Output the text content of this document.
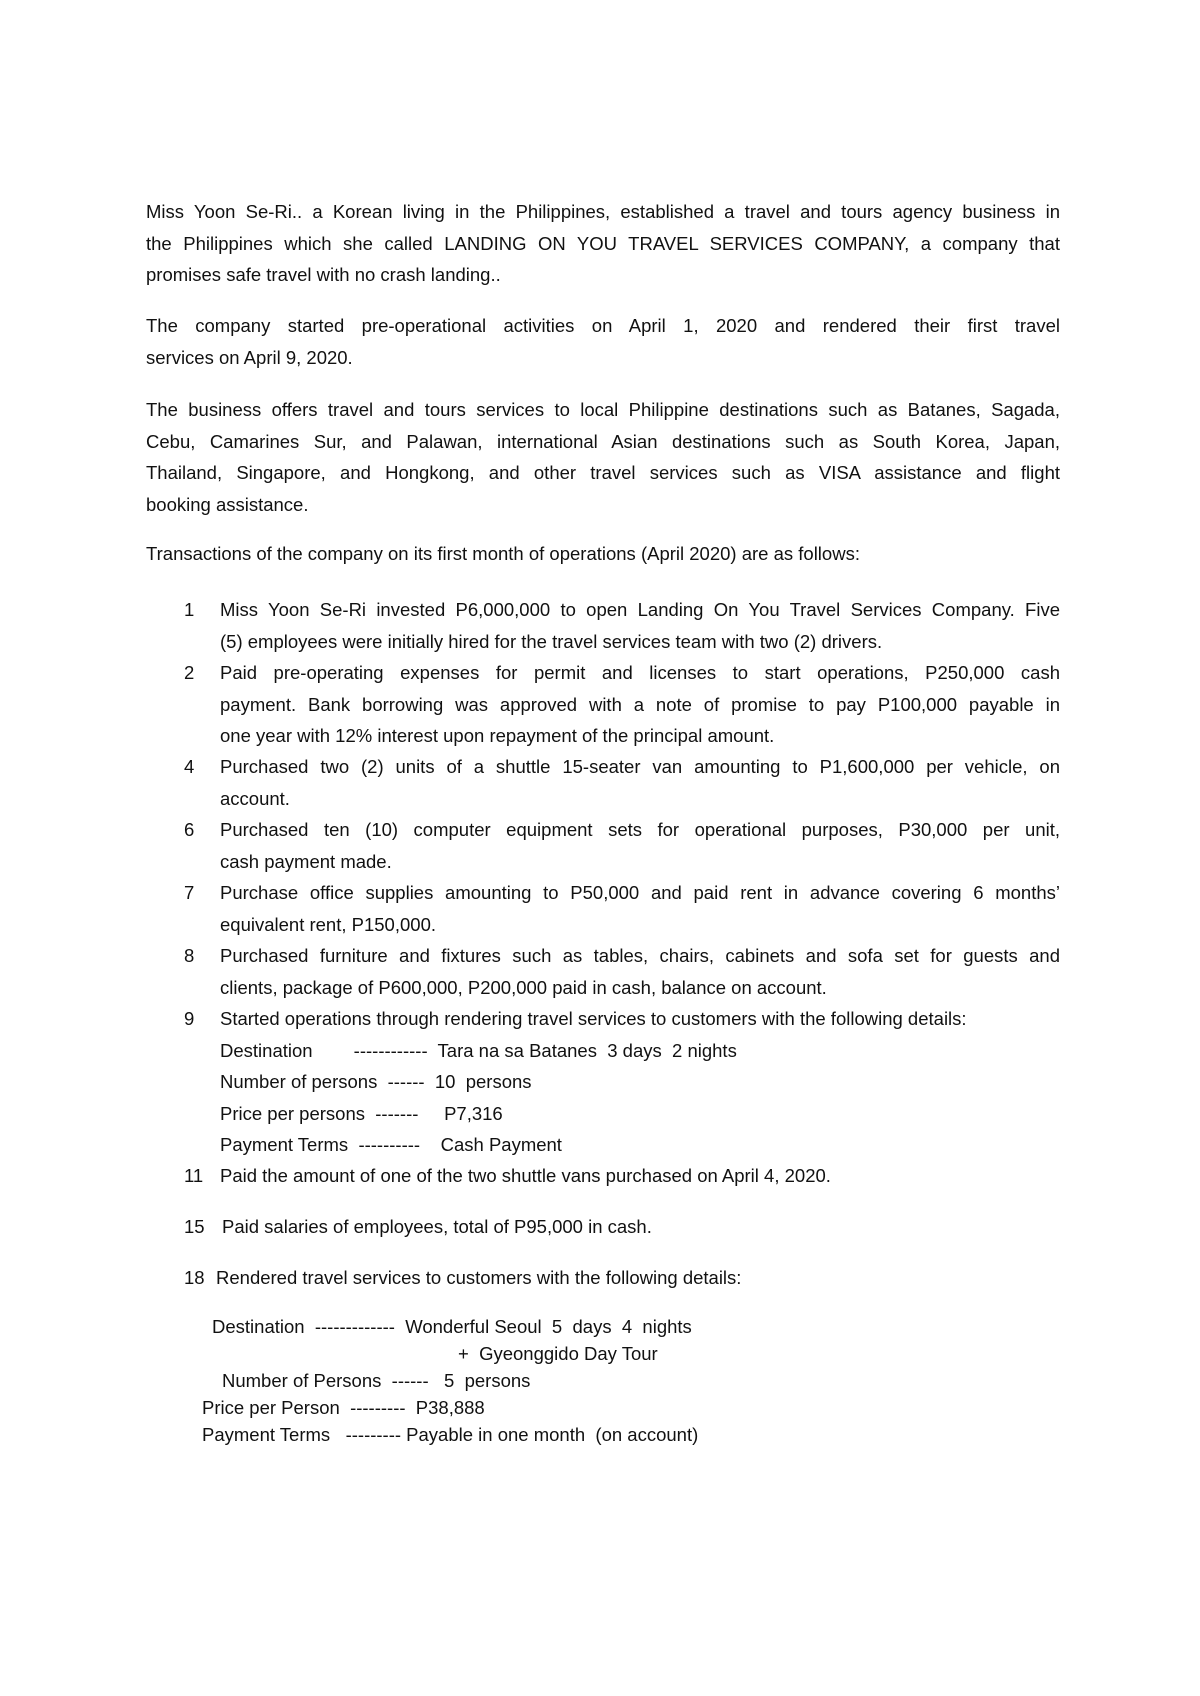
Miss Yoon Se-Ri.. a Korean living in the Philippines, established a travel and tours agency business in
the Philippines which she called LANDING ON YOU TRAVEL SERVICES COMPANY, a company that
promises safe travel with no crash landing..
The company started pre-operational activities on April 1, 2020 and rendered their first travel
services on April 9, 2020.
The business offers travel and tours services to local Philippine destinations such as Batanes, Sagada,
Cebu, Camarines Sur, and Palawan, international Asian destinations such as South Korea, Japan,
Thailand, Singapore, and Hongkong, and other travel services such as VISA assistance and flight
booking assistance.
Transactions of the company on its first month of operations (April 2020) are as follows:
1	Miss Yoon Se-Ri invested P6,000,000 to open Landing On You Travel Services Company. Five
(5) employees were initially hired for the travel services team with two (2) drivers.
2	Paid pre-operating expenses for permit and licenses to start operations, P250,000 cash
payment. Bank borrowing was approved with a note of promise to pay P100,000 payable in
one year with 12% interest upon repayment of the principal amount.
4	Purchased two (2) units of a shuttle 15-seater van amounting to P1,600,000 per vehicle, on
account.
6	Purchased ten (10) computer equipment sets for operational purposes, P30,000 per unit,
cash payment made.
7	Purchase office supplies amounting to P50,000 and paid rent in advance covering 6 months’
equivalent rent, P150,000.
8	Purchased furniture and fixtures such as tables, chairs, cabinets and sofa set for guests and
clients, package of P600,000, P200,000 paid in cash, balance on account.
9	Started operations through rendering travel services to customers with the following details:
Destination        ------------  Tara na sa Batanes  3 days  2 nights
Number of persons  ------  10  persons
Price per persons  -------     P7,316
Payment Terms  ----------    Cash Payment
11 Paid the amount of one of the two shuttle vans purchased on April 4, 2020.
15 Paid salaries of employees, total of P95,000 in cash.
18 Rendered travel services to customers with the following details:
Destination  -------------  Wonderful Seoul  5  days  4  nights
+  Gyeonggido Day Tour
Number of Persons  ------   5  persons
Price per Person  ---------  P38,888
Payment Terms   --------- Payable in one month  (on account)
